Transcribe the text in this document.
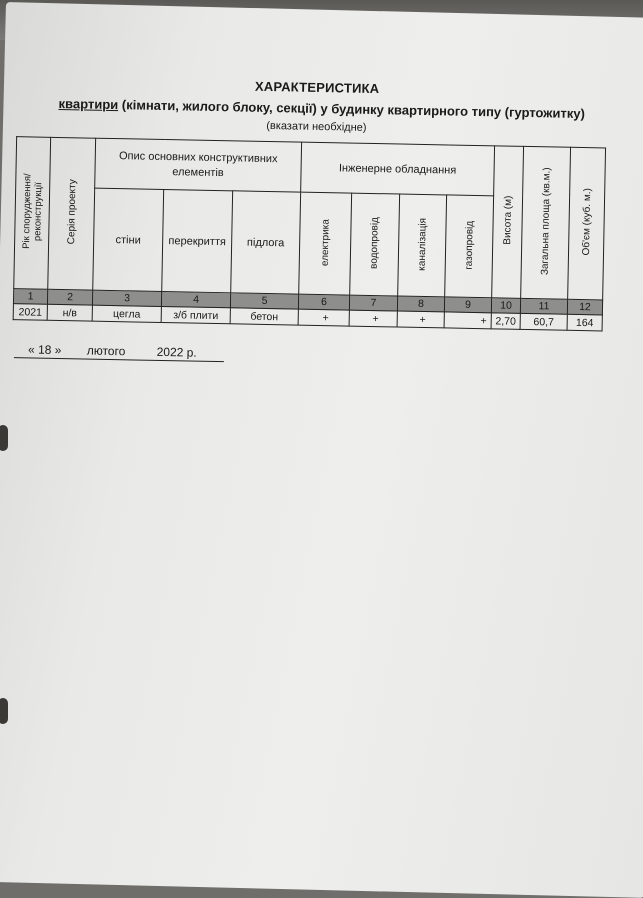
ХАРАКТЕРИСТИКА
квартири (кімнати, жилого блоку, секції) у будинку квартирного типу (гуртожитку)
(вказати необхідне)
Рік спорудження/
реконструкції	Серія проекту	Опис основних конструктивних елементів			Інженерне обладнання				Висота (м)	Загальна площа (кв.м.)	Об'єм (куб. м.)
		стіни	перекриття	підлога	електрика	водопровід	каналізація	газопровід			
1	2	3	4	5	6	7	8	9	10	11	12
2021	н/в	цегла	з/б плити	бетон	+	+	+	+	2,70	60,7	164
« 18 » лютого	2022 р.
